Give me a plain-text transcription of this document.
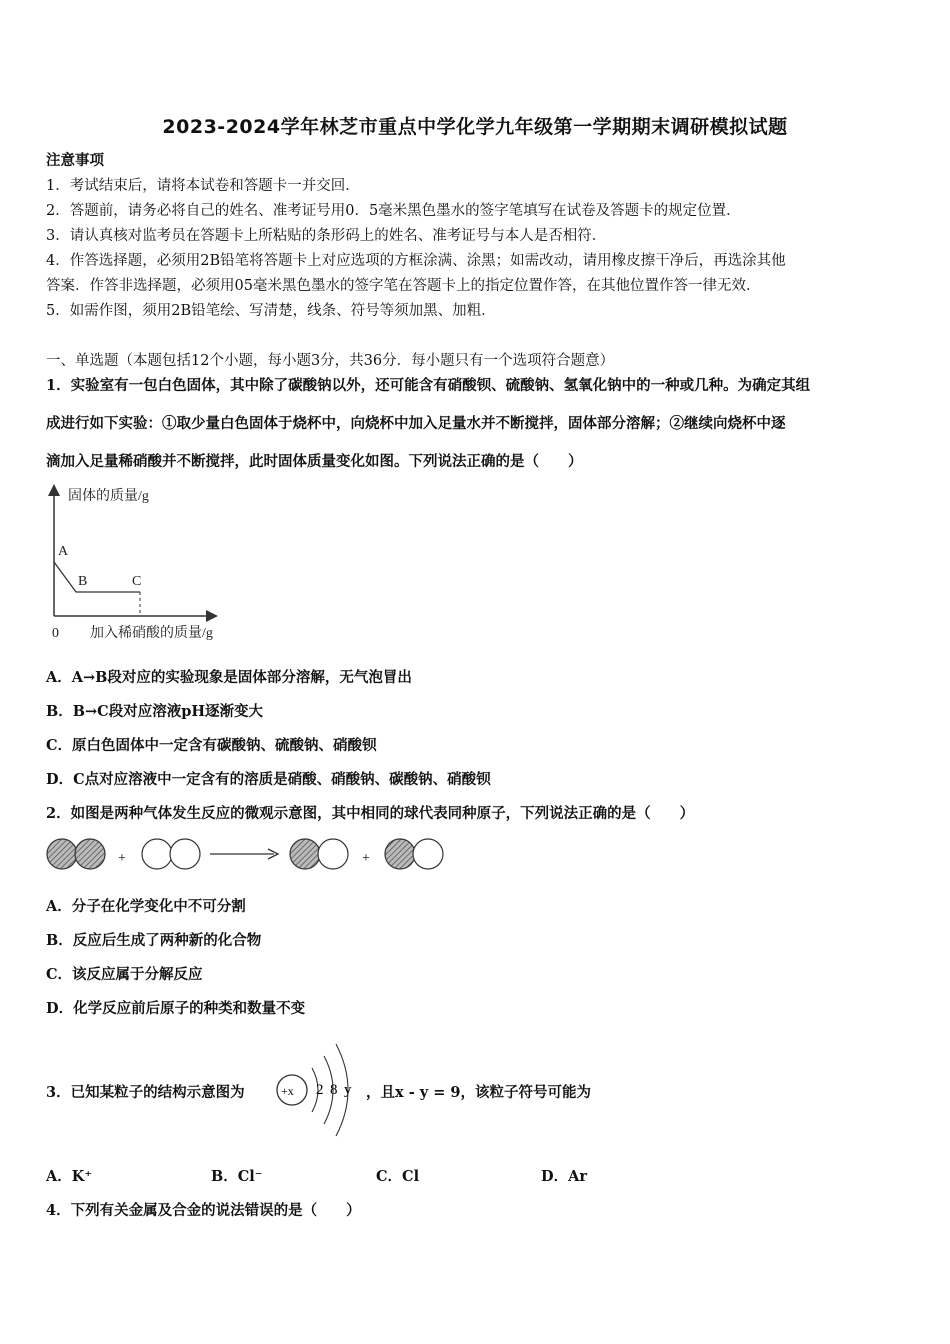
2023-2024学年林芝市重点中学化学九年级第一学期期末调研模拟试题
注意事项
1．考试结束后，请将本试卷和答题卡一并交回．
2．答题前，请务必将自己的姓名、准考证号用0．5毫米黑色墨水的签字笔填写在试卷及答题卡的规定位置．
3．请认真核对监考员在答题卡上所粘贴的条形码上的姓名、准考证号与本人是否相符．
4．作答选择题，必须用2B铅笔将答题卡上对应选项的方框涂满、涂黑；如需改动，请用橡皮擦干净后，再选涂其他
答案．作答非选择题，必须用05毫米黑色墨水的签字笔在答题卡上的指定位置作答，在其他位置作答一律无效．
5．如需作图，须用2B铅笔绘、写清楚，线条、符号等须加黑、加粗．
一、单选题（本题包括12个小题，每小题3分，共36分．每小题只有一个选项符合题意）
1．实验室有一包白色固体，其中除了碳酸钠以外，还可能含有硝酸钡、硫酸钠、氢氧化钠中的一种或几种。为确定其组
成进行如下实验：①取少量白色固体于烧杯中，向烧杯中加入足量水并不断搅拌，固体部分溶解；②继续向烧杯中逐
滴加入足量稀硝酸并不断搅拌，此时固体质量变化如图。下列说法正确的是（　　）
固体的质量/g
A
B	C
0 加入稀硝酸的质量/g
A．A→B段对应的实验现象是固体部分溶解，无气泡冒出
B．B→C段对应溶液pH逐渐变大
C．原白色固体中一定含有碳酸钠、硫酸钠、硝酸钡
D．C点对应溶液中一定含有的溶质是硝酸、硝酸钠、碳酸钠、硝酸钡
2．如图是两种气体发生反应的微观示意图，其中相同的球代表同种原子，下列说法正确的是（　　）
+	+
A．分子在化学变化中不可分割
B．反应后生成了两种新的化合物
C．该反应属于分解反应
D．化学反应前后原子的种类和数量不变
3．已知某粒子的结构示意图为	+x 2 8 y ，且x - y = 9，该粒子符号可能为
A．K⁺	B．Cl⁻	C．Cl	D．Ar
4．下列有关金属及合金的说法错误的是（　　）
